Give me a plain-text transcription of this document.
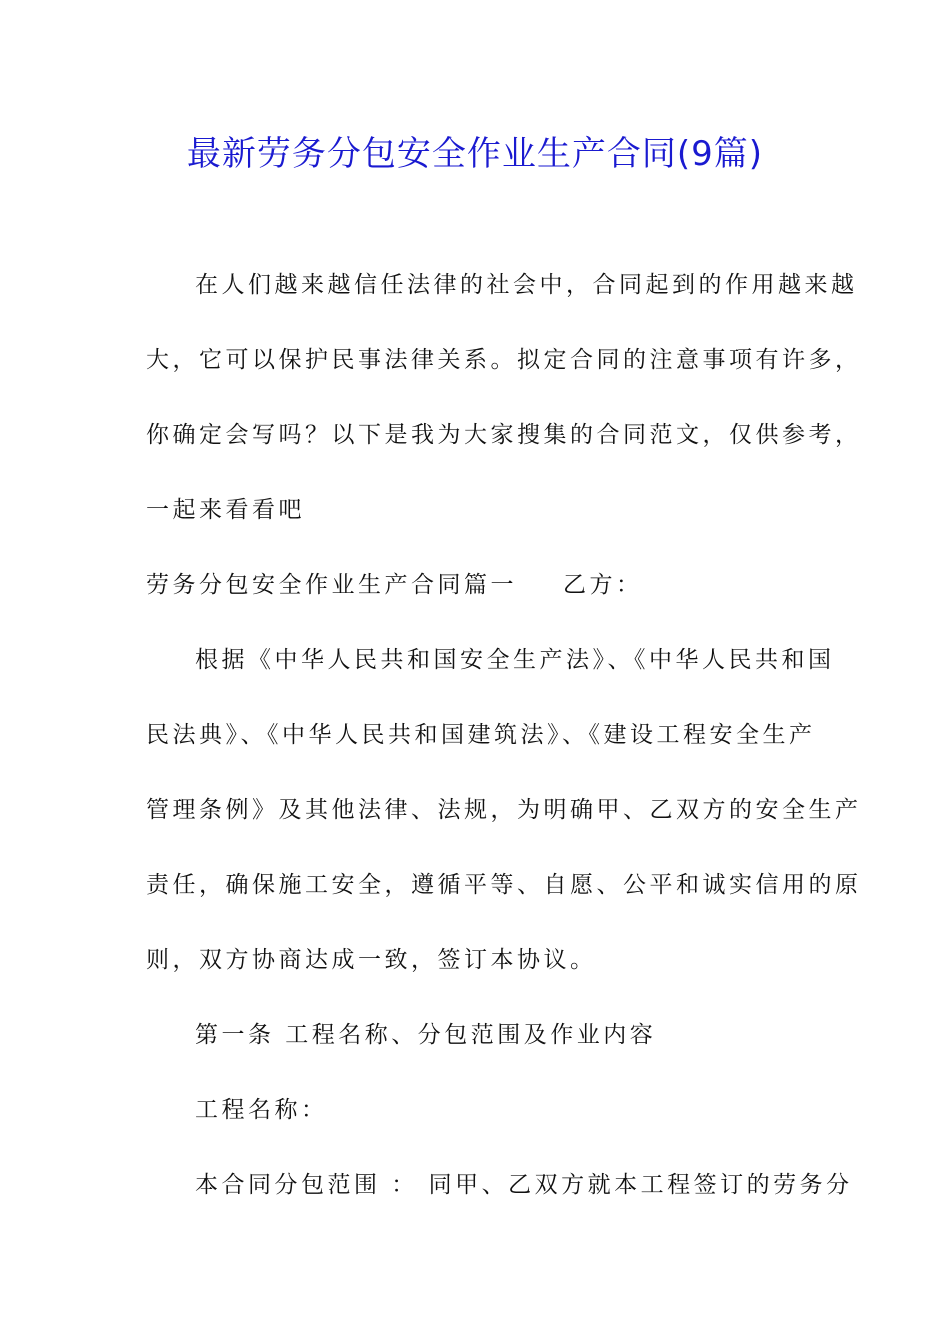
最新劳务分包安全作业生产合同(9篇)
在人们越来越信任法律的社会中，合同起到的作用越来越
大，它可以保护民事法律关系。拟定合同的注意事项有许多，
你确定会写吗？以下是我为大家搜集的合同范文，仅供参考，
一起来看看吧
劳务分包安全作业生产合同篇一 乙方：
根据《中华人民共和国安全生产法》、《中华人民共和国
民法典》、《中华人民共和国建筑法》、《建设工程安全生产
管理条例》及其他法律、法规，为明确甲、乙双方的安全生产
责任，确保施工安全，遵循平等、自愿、公平和诚实信用的原
则，双方协商达成一致，签订本协议。
第一条 工程名称、分包范围及作业内容
工程名称：
本合同分包范围 ： 同甲、乙双方就本工程签订的劳务分
